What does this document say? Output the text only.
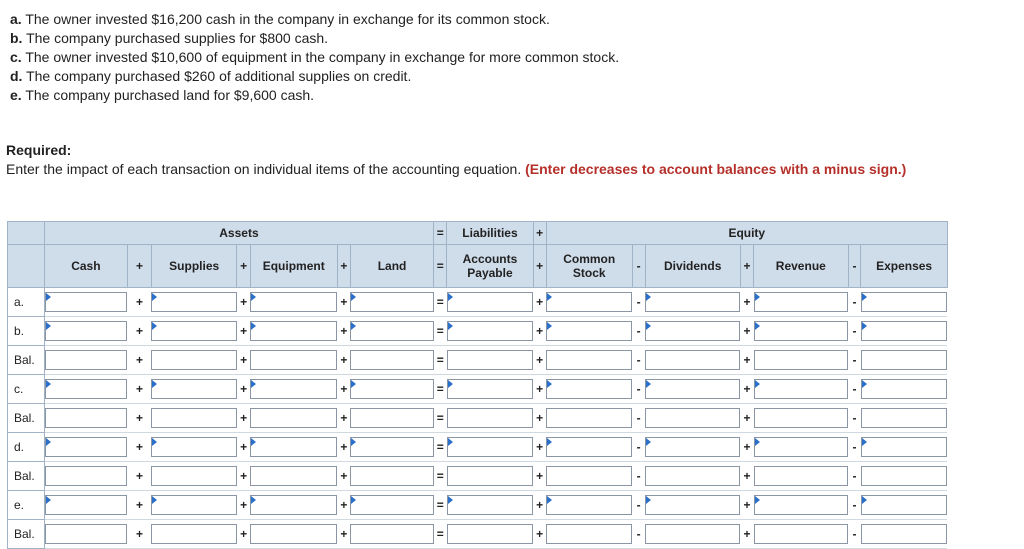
a. The owner invested $16,200 cash in the company in exchange for its common stock.
b. The company purchased supplies for $800 cash.
c. The owner invested $10,600 of equipment in the company in exchange for more common stock.
d. The company purchased $260 of additional supplies on credit.
e. The company purchased land for $9,600 cash.
Required:
Enter the impact of each transaction on individual items of the accounting equation. (Enter decreases to account balances with a minus sign.)
	Assets							=	Liabilities	+	Equity						
	Cash	+	Supplies	+	Equipment	+	Land	=	Accounts Payable	+	Common Stock	-	Dividends	+	Revenue	-	Expenses
a.		+		+		+		=		+		-		+		-	

b.		+		+		+		=		+		-		+		-	

Bal.		+		+		+		=		+		-		+		-	

c.		+		+		+		=		+		-		+		-	

Bal.		+		+		+		=		+		-		+		-	

d.		+		+		+		=		+		-		+		-	

Bal.		+		+		+		=		+		-		+		-	

e.		+		+		+		=		+		-		+		-	

Bal.		+		+		+		=		+		-		+		-	
